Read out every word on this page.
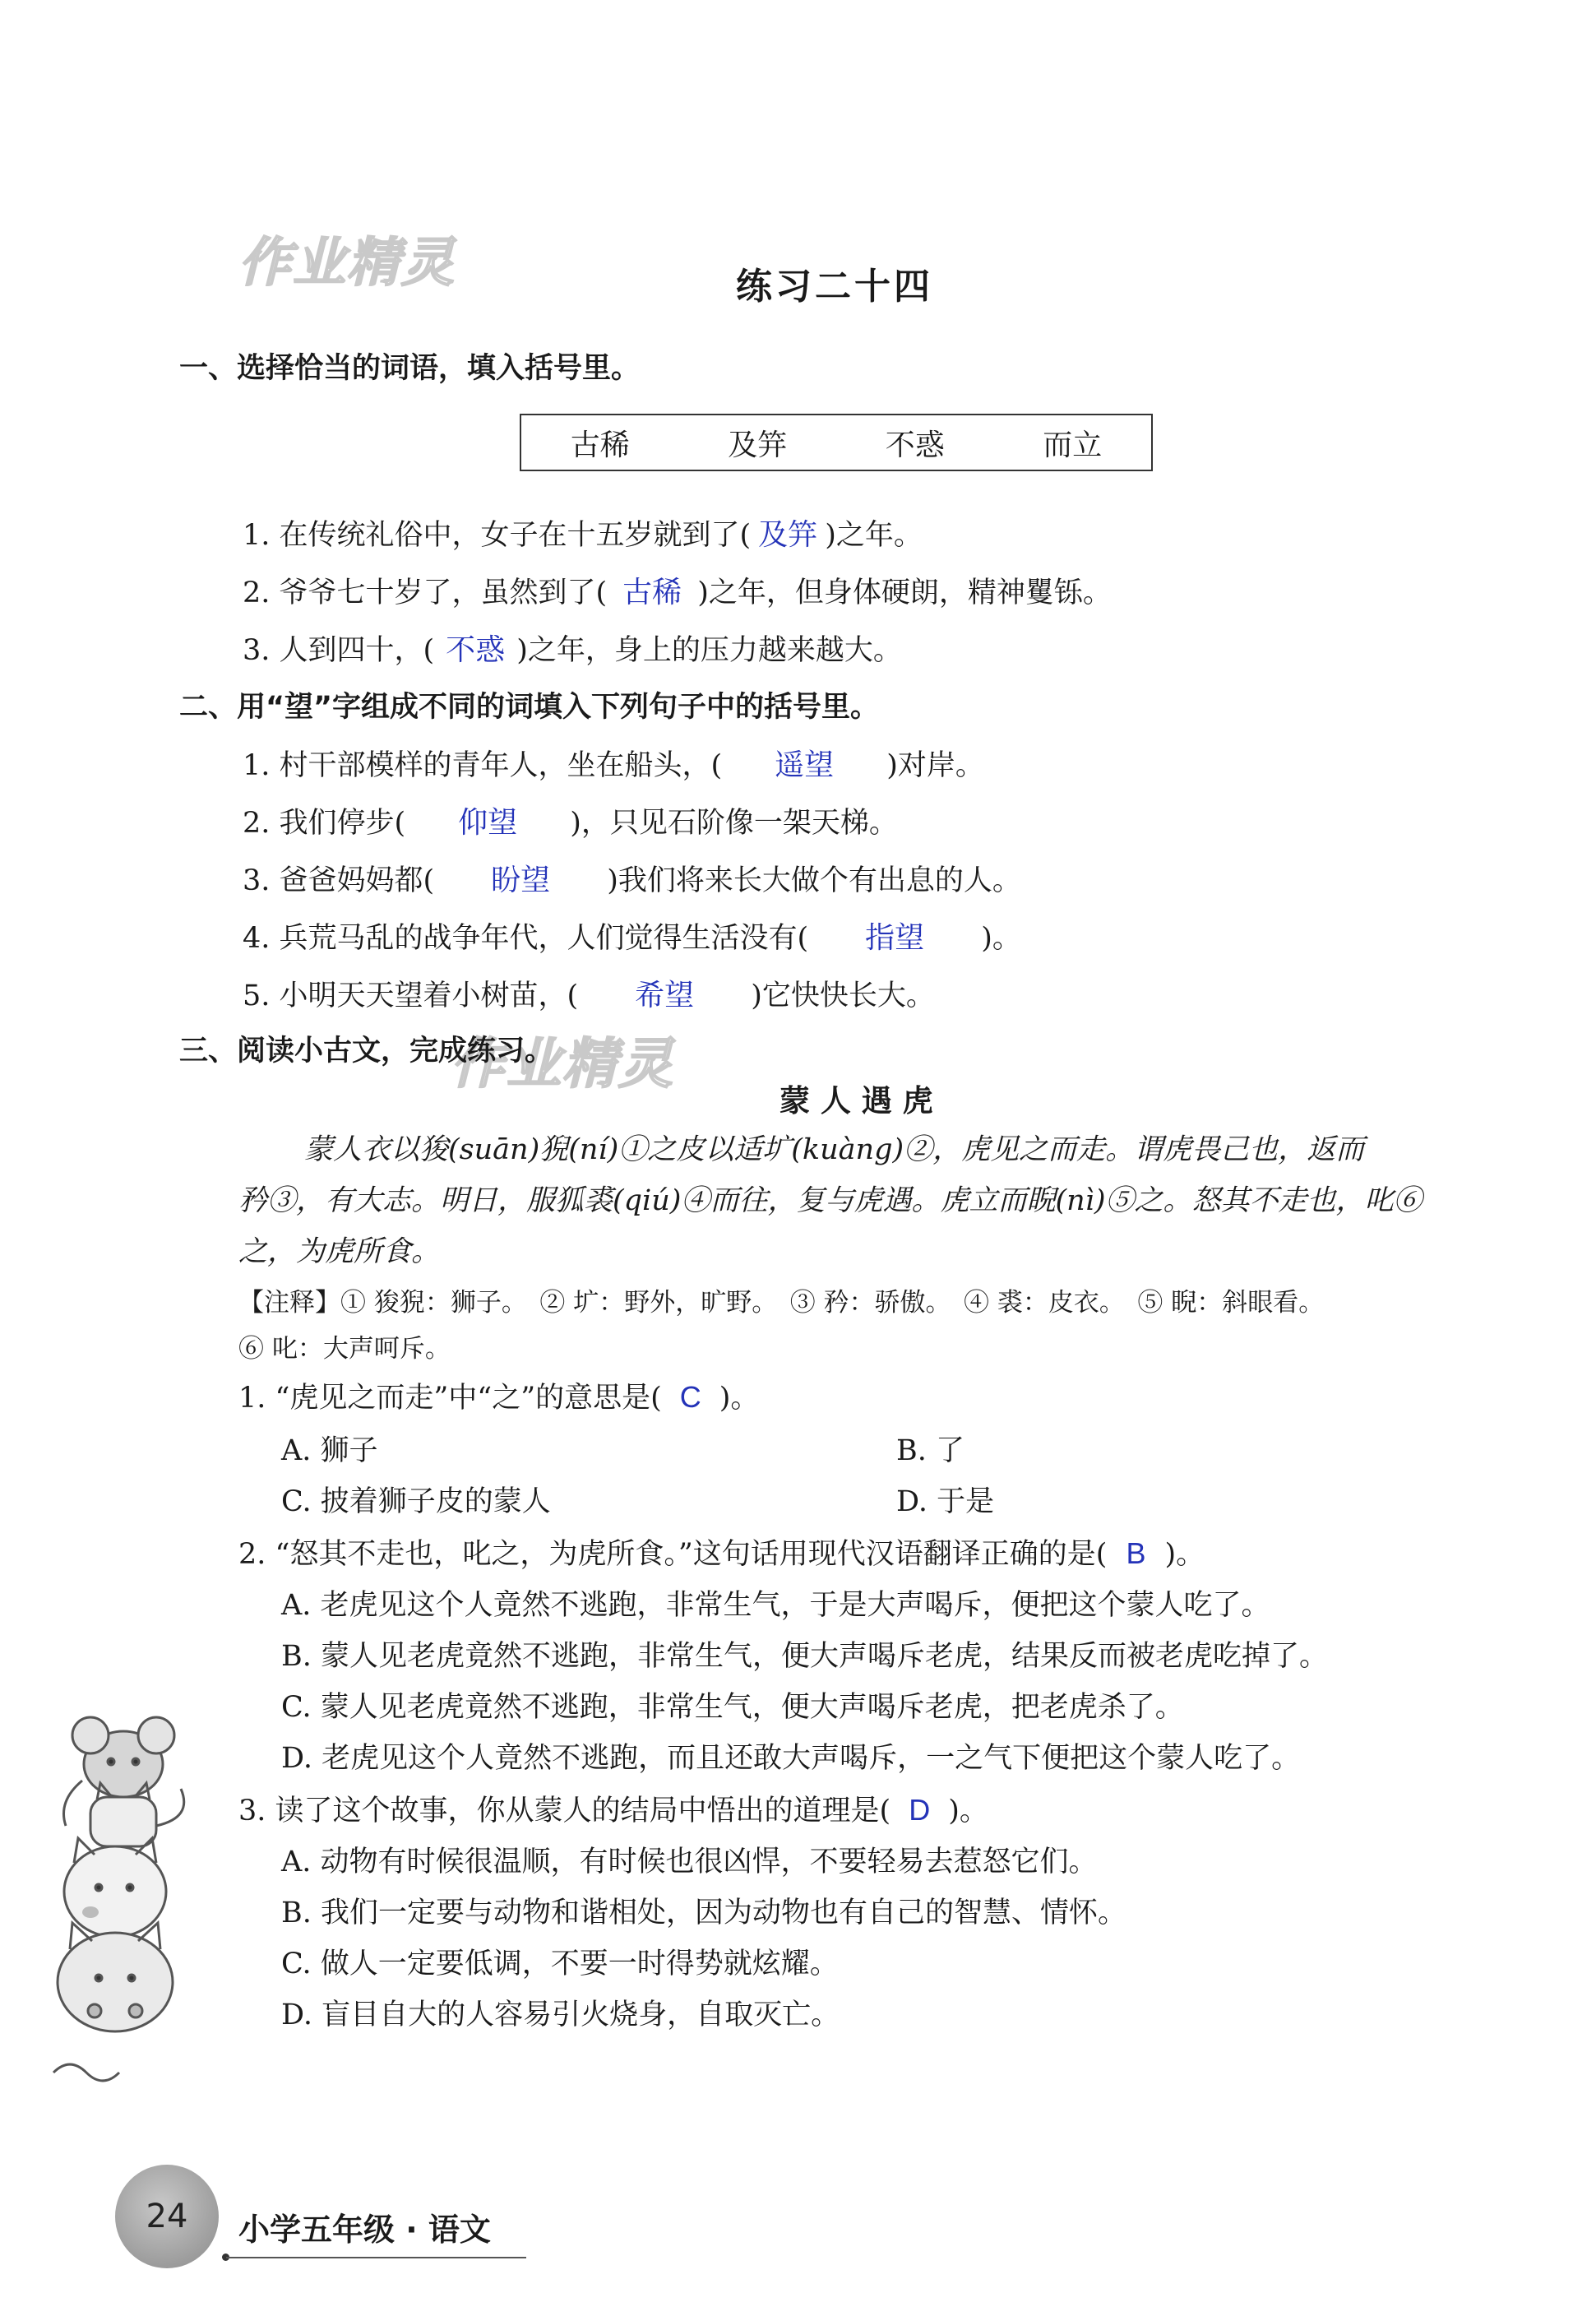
作业精灵
作业精灵
练习二十四
一、选择恰当的词语，填入括号里。
古稀	及笄	不惑	而立
1. 在传统礼俗中，女子在十五岁就到了( 及笄 )之年。
2. 爷爷七十岁了，虽然到了( 古稀 )之年，但身体硬朗，精神矍铄。
3. 人到四十，( 不惑 )之年，身上的压力越来越大。
二、用“望”字组成不同的词填入下列句子中的括号里。
1. 村干部模样的青年人，坐在船头，( 遥望 )对岸。
2. 我们停步( 仰望 )，只见石阶像一架天梯。
3. 爸爸妈妈都( 盼望 )我们将来长大做个有出息的人。
4. 兵荒马乱的战争年代，人们觉得生活没有( 指望 )。
5. 小明天天望着小树苗，( 希望 )它快快长大。
三、阅读小古文，完成练习。
蒙 人 遇 虎
蒙人衣以狻(suān)猊(ní)①之皮以适圹(kuàng)②，虎见之而走。谓虎畏己也，返而
矜③，有大志。明日，服狐裘(qiú)④而往，复与虎遇。虎立而睨(nì)⑤之。怒其不走也，叱⑥
之，为虎所食。
【注释】① 狻猊：狮子。　② 圹：野外，旷野。　③ 矜：骄傲。　④ 裘：皮衣。　⑤ 睨：斜眼看。
⑥ 叱：大声呵斥。
1. “虎见之而走”中“之”的意思是( C )。
A. 狮子	B. 了
C. 披着狮子皮的蒙人	D. 于是
2. “怒其不走也，叱之，为虎所食。”这句话用现代汉语翻译正确的是( B )。
A. 老虎见这个人竟然不逃跑，非常生气，于是大声喝斥，便把这个蒙人吃了。
B. 蒙人见老虎竟然不逃跑，非常生气，便大声喝斥老虎，结果反而被老虎吃掉了。
C. 蒙人见老虎竟然不逃跑，非常生气，便大声喝斥老虎，把老虎杀了。
D. 老虎见这个人竟然不逃跑，而且还敢大声喝斥，一之气下便把这个蒙人吃了。
3. 读了这个故事，你从蒙人的结局中悟出的道理是( D )。
A. 动物有时候很温顺，有时候也很凶悍，不要轻易去惹怒它们。
B. 我们一定要与动物和谐相处，因为动物也有自己的智慧、情怀。
C. 做人一定要低调，不要一时得势就炫耀。
D. 盲目自大的人容易引火烧身，自取灭亡。
24 小学五年级 · 语文
